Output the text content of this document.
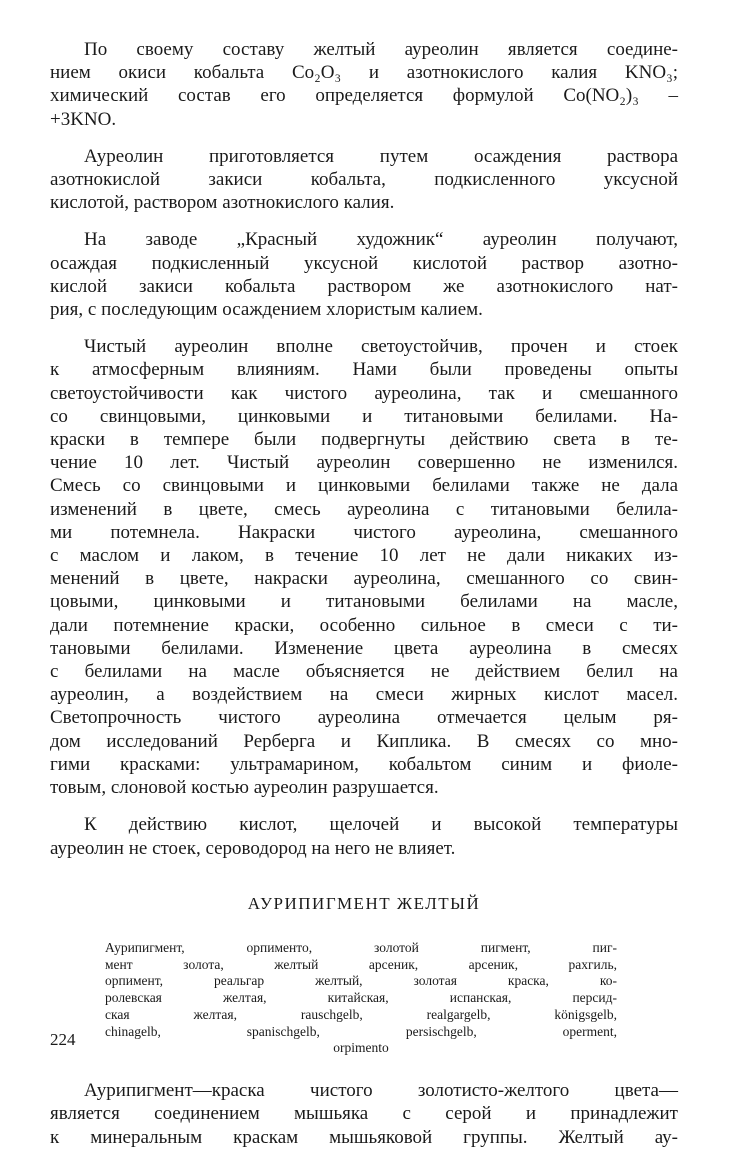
По своему составу желтый ауреолин является соедине-
нием окиси кобальта Co₂O₃ и азотнокислого калия KNO₃;
химический состав его определяется формулой Co(NO₂)₃ –
+3KNO.

Ауреолин приготовляется путем осаждения раствора
азотнокислой закиси кобальта, подкисленного уксусной
кислотой, раствором азотнокислого калия.

На заводе „Красный художник“ ауреолин получают,
осаждая подкисленный уксусной кислотой раствор азотно-
кислой закиси кобальта раствором же азотнокислого нат-
рия, с последующим осаждением хлористым калием.

Чистый ауреолин вполне светоустойчив, прочен и стоек
к атмосферным влияниям. Нами были проведены опыты
светоустойчивости как чистого ауреолина, так и смешанного
со свинцовыми, цинковыми и титановыми белилами. На-
краски в темпере были подвергнуты действию света в те-
чение 10 лет. Чистый ауреолин совершенно не изменился.
Смесь со свинцовыми и цинковыми белилами также не дала
изменений в цвете, смесь ауреолина с титановыми белила-
ми потемнела. Накраски чистого ауреолина, смешанного
с маслом и лаком, в течение 10 лет не дали никаких из-
менений в цвете, накраски ауреолина, смешанного со свин-
цовыми, цинковыми и титановыми белилами на масле,
дали потемнение краски, особенно сильное в смеси с ти-
тановыми белилами. Изменение цвета ауреолина в смесях
с белилами на масле объясняется не действием белил на
ауреолин, а воздействием на смеси жирных кислот масел.
Светопрочность чистого ауреолина отмечается целым ря-
дом исследований Рерберга и Киплика. В смесях со мно-
гими красками: ультрамарином, кобальтом синим и фиоле-
товым, слоновой костью ауреолин разрушается.

К действию кислот, щелочей и высокой температуры
ауреолин не стоек, сероводород на него не влияет.

АУРИПИГМЕНТ ЖЕЛТЫЙ
Аурипигмент, орпименто, золотой пигмент, пиг-
мент золота, желтый арсеник, арсеник, рахгиль,
орпимент, реальгар желтый, золотая краска, ко-
ролевская желтая, китайская, испанская, персид-
ская желтая, rauschgelb, realgargelb, königsgelb,
chinagelb, spanischgelb, persischgelb, operment,
orpimento

Аурипигмент—краска чистого золотисто-желтого цвета—
является соединением мышьяка с серой и принадлежит
к минеральным краскам мышьяковой группы. Желтый ау-

224
